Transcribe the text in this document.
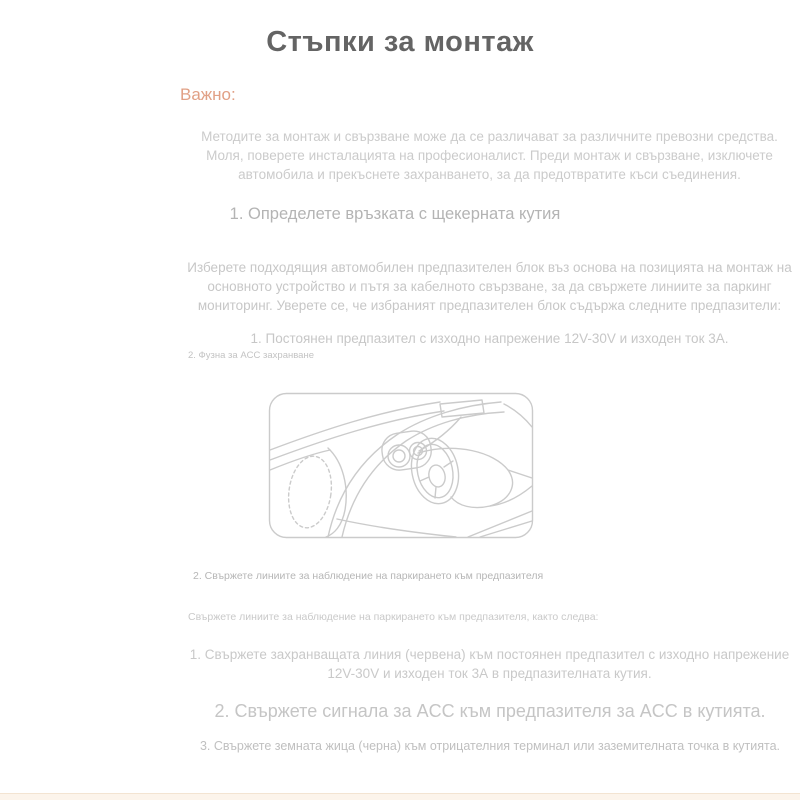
Стъпки за монтаж
Важно:

Методите за монтаж и свързване може да се различават за различните превозни средства. Моля, поверете инсталацията на професионалист. Преди монтаж и свързване, изключете автомобила и прекъснете захранването, за да предотвратите къси съединения.

1. Определете връзката с щекерната кутия

Изберете подходящия автомобилен предпазителен блок въз основа на позицията на монтаж на основното устройство и пътя за кабелното свързване, за да свържете линиите за паркинг мониторинг. Уверете се, че избраният предпазителен блок съдържа следните предпазители:

1. Постоянен предпазител с изходно напрежение 12V-30V и изходен ток 3А.
2. Фузна за ACC захранване
2. Свържете линиите за наблюдение на паркирането към предпазителя
Свържете линиите за наблюдение на паркирането към предпазителя, както следва:

1. Свържете захранващата линия (червена) към постоянен предпазител с изходно напрежение 12V-30V и изходен ток 3А в предпазителната кутия.

2. Свържете сигнала за ACC към предпазителя за ACC в кутията.
3. Свържете земната жица (черна) към отрицателния терминал или заземителната точка в кутията.
